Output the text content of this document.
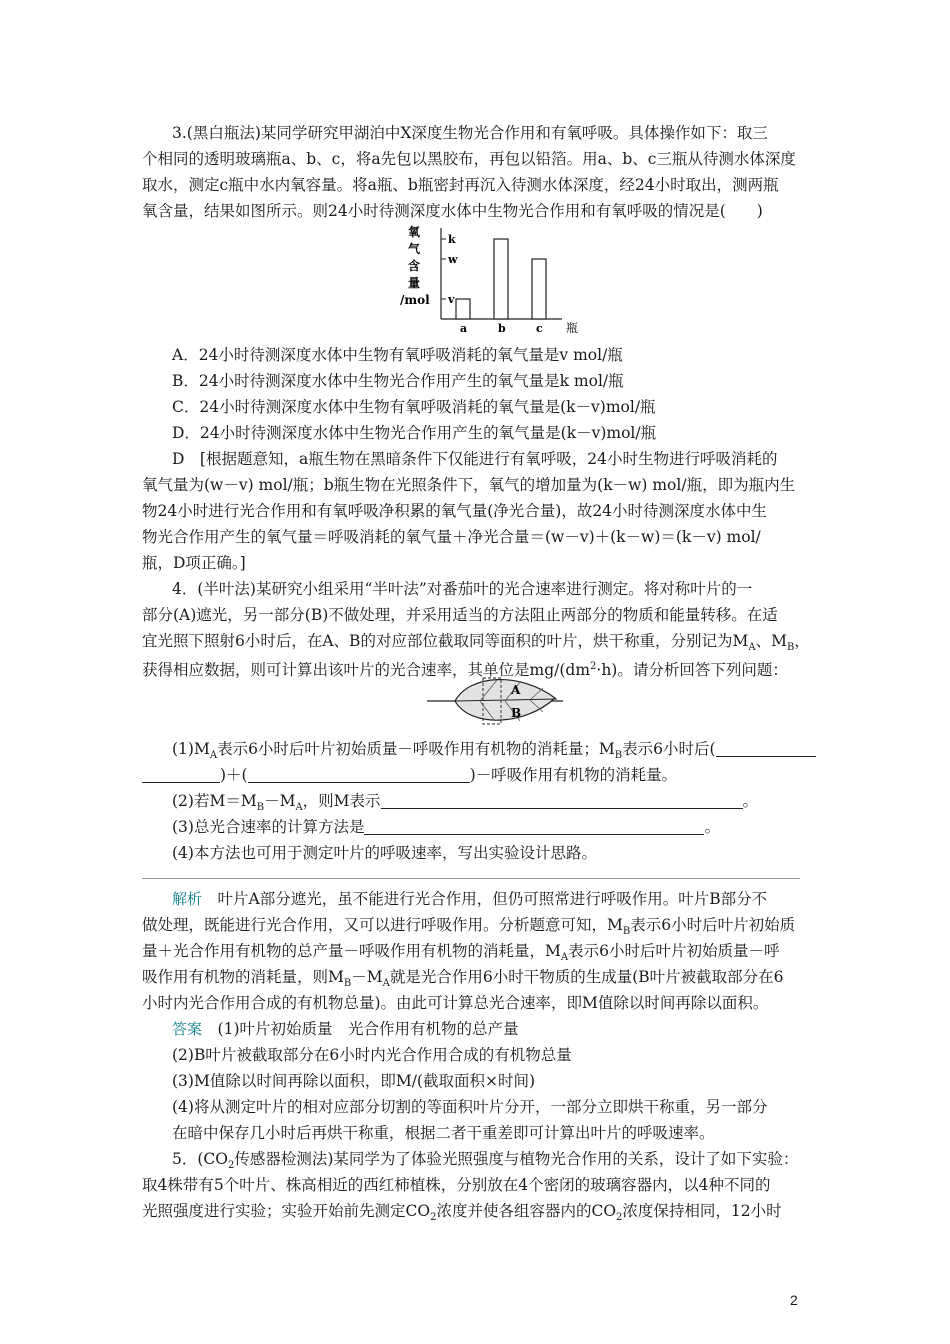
3.(黑白瓶法)某同学研究甲湖泊中X深度生物光合作用和有氧呼吸。具体操作如下：取三
个相同的透明玻璃瓶a、b、c，将a先包以黑胶布，再包以铅箔。用a、b、c三瓶从待测水体深度
取水，测定c瓶中水内氧容量。将a瓶、b瓶密封再沉入待测水体深度，经24小时取出，测两瓶
氧含量，结果如图所示。则24小时待测深度水体中生物光合作用和有氧呼吸的情况是(　　)
氧
气
含
量
/mol v
w
k
a	b	c 瓶
A．24小时待测深度水体中生物有氧呼吸消耗的氧气量是v mol/瓶
B．24小时待测深度水体中生物光合作用产生的氧气量是k mol/瓶
C．24小时待测深度水体中生物有氧呼吸消耗的氧气量是(k－v)mol/瓶
D．24小时待测深度水体中生物光合作用产生的氧气量是(k－v)mol/瓶
D　[根据题意知，a瓶生物在黑暗条件下仅能进行有氧呼吸，24小时生物进行呼吸消耗的
氧气量为(w－v) mol/瓶；b瓶生物在光照条件下，氧气的增加量为(k－w) mol/瓶，即为瓶内生
物24小时进行光合作用和有氧呼吸净积累的氧气量(净光合量)，故24小时待测深度水体中生
物光合作用产生的氧气量＝呼吸消耗的氧气量＋净光合量＝(w－v)＋(k－w)＝(k－v) mol/
瓶，D项正确。]
4．(半叶法)某研究小组采用“半叶法”对番茄叶的光合速率进行测定。将对称叶片的一
部分(A)遮光，另一部分(B)不做处理，并采用适当的方法阻止两部分的物质和能量转移。在适
宜光照下照射6小时后，在A、B的对应部位截取同等面积的叶片，烘干称重，分别记为$M_A$、$M_B$，
获得相应数据，则可计算出该叶片的光合速率，其单位是$mg/(dm^2\cdot h)$。请分析回答下列问题：
A
B
$(1)M_A$表示6小时后叶片初始质量－呼吸作用有机物的消耗量；$M_B$表示6小时后(
)＋(	)－呼吸作用有机物的消耗量。
(2)若$M=M_B-M_A$，则M表示	。
(3)总光合速率的计算方法是	。
(4)本方法也可用于测定叶片的呼吸速率，写出实验设计思路。
解析　 叶片A部分遮光，虽不能进行光合作用，但仍可照常进行呼吸作用。叶片B部分不
做处理，既能进行光合作用，又可以进行呼吸作用。分析题意可知，$M_B$表示6小时后叶片初始质
量＋光合作用有机物的总产量－呼吸作用有机物的消耗量，$M_A$表示6小时后叶片初始质量－呼
吸作用有机物的消耗量，则$M_B-M_A$就是光合作用6小时干物质的生成量(B叶片被截取部分在6
小时内光合作用合成的有机物总量)。由此可计算总光合速率，即M值除以时间再除以面积。
答案　 (1)叶片初始质量　光合作用有机物的总产量
(2)B叶片被截取部分在6小时内光合作用合成的有机物总量
(3)M值除以时间再除以面积，即M/(截取面积×时间)
(4)将从测定叶片的相对应部分切割的等面积叶片分开，一部分立即烘干称重，另一部分
在暗中保存几小时后再烘干称重，根据二者干重差即可计算出叶片的呼吸速率。
5．($CO_2$传感器检测法)某同学为了体验光照强度与植物光合作用的关系，设计了如下实验：
取4株带有5个叶片、株高相近的西红柿植株，分别放在4个密闭的玻璃容器内，以4种不同的
光照强度进行实验；实验开始前先测定$CO_2$浓度并使各组容器内的$CO_2$浓度保持相同，12小时
2
